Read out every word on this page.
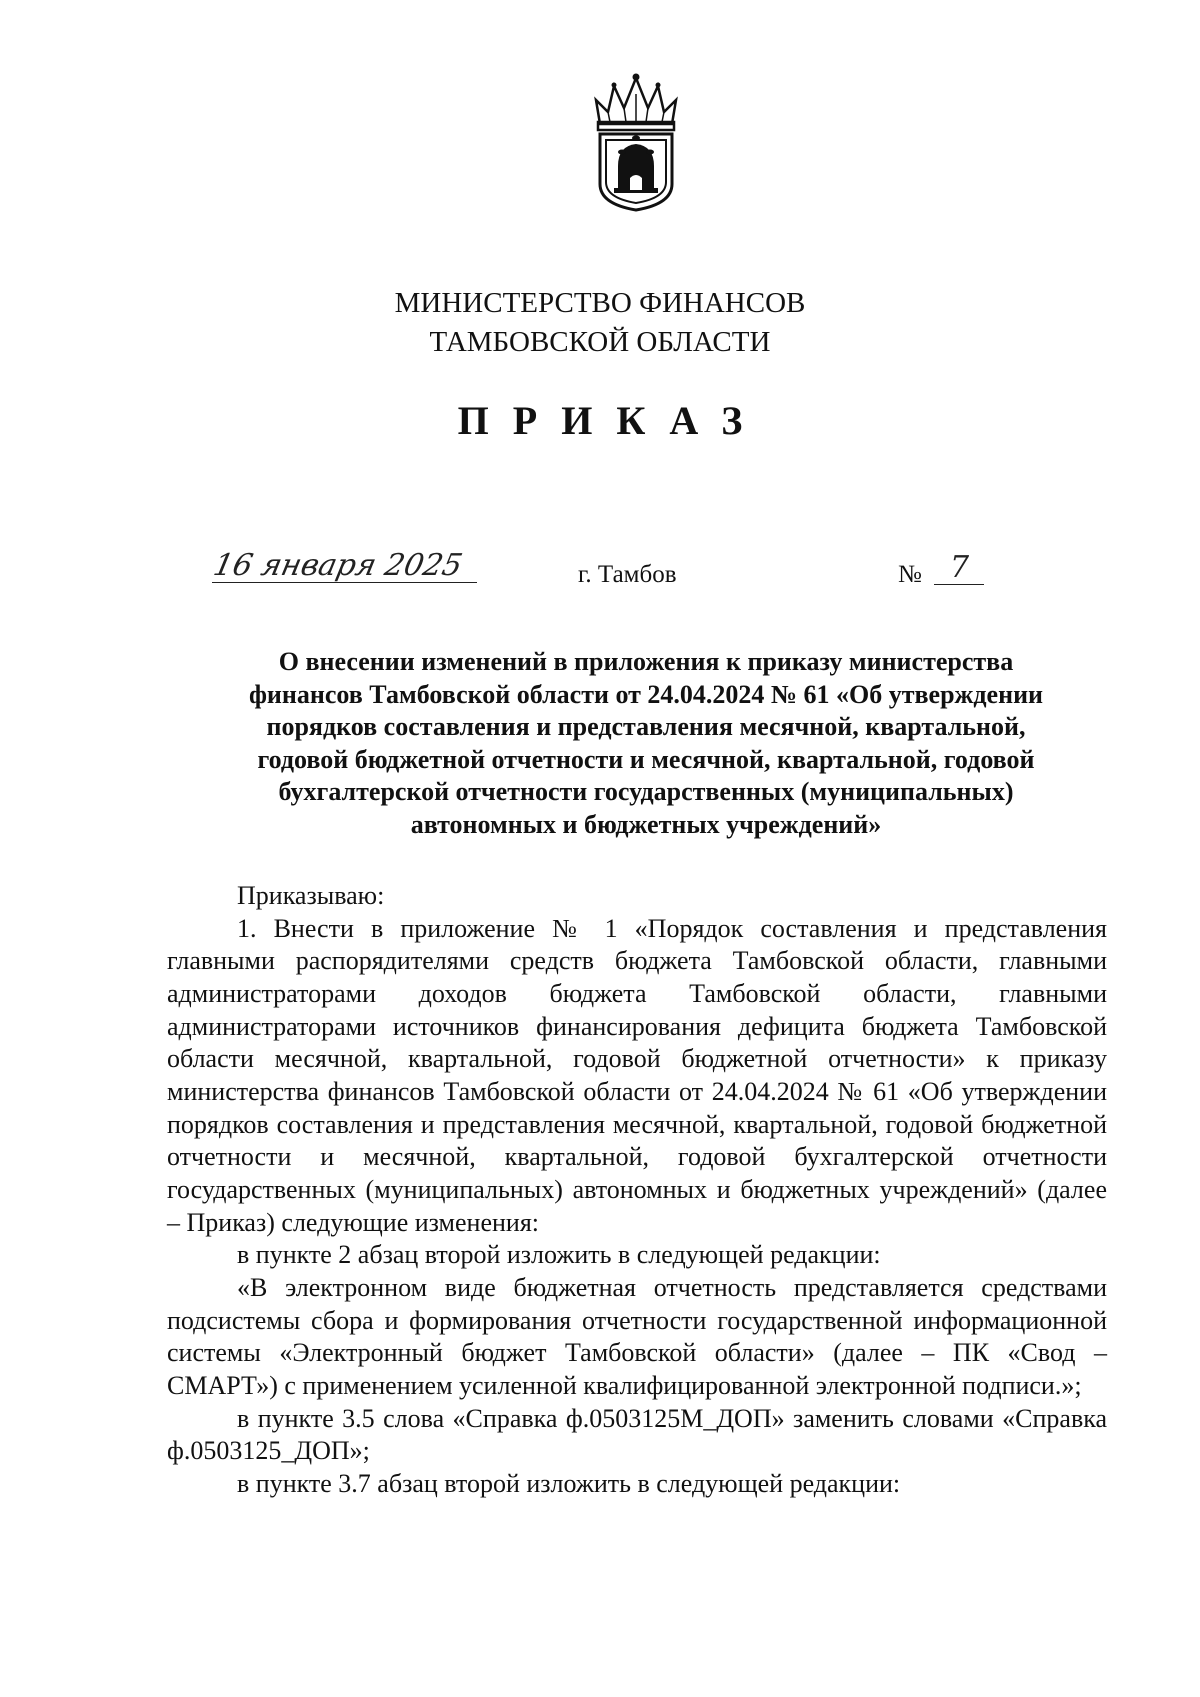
МИНИСТЕРСТВО ФИНАНСОВ
ТАМБОВСКОЙ ОБЛАСТИ
ПРИКАЗ
16 января 2025	г. Тамбов	№ 7
О внесении изменений в приложения к приказу министерства
финансов Тамбовской области от 24.04.2024 № 61 «Об утверждении
порядков составления и представления месячной, квартальной,
годовой бюджетной отчетности и месячной, квартальной, годовой
бухгалтерской отчетности государственных (муниципальных)
автономных и бюджетных учреждений»

Приказываю:

1. Внести в приложение № 1 «Порядок составления и представления главными распорядителями средств бюджета Тамбовской области, главными администраторами доходов бюджета Тамбовской области, главными администраторами источников финансирования дефицита бюджета Тамбовской области месячной, квартальной, годовой бюджетной отчетности» к приказу министерства финансов Тамбовской области от 24.04.2024 № 61 «Об утверждении порядков составления и представления месячной, квартальной, годовой бюджетной отчетности и месячной, квартальной, годовой бухгалтерской отчетности государственных (муниципальных) автономных и бюджетных учреждений» (далее – Приказ) следующие изменения:

в пункте 2 абзац второй изложить в следующей редакции:

«В электронном виде бюджетная отчетность представляется средствами подсистемы сбора и формирования отчетности государственной информационной системы «Электронный бюджет Тамбовской области» (далее – ПК «Свод – СМАРТ») с применением усиленной квалифицированной электронной подписи.»;

в пункте 3.5 слова «Справка ф.0503125М_ДОП» заменить словами «Справка ф.0503125_ДОП»;

в пункте 3.7 абзац второй изложить в следующей редакции:
